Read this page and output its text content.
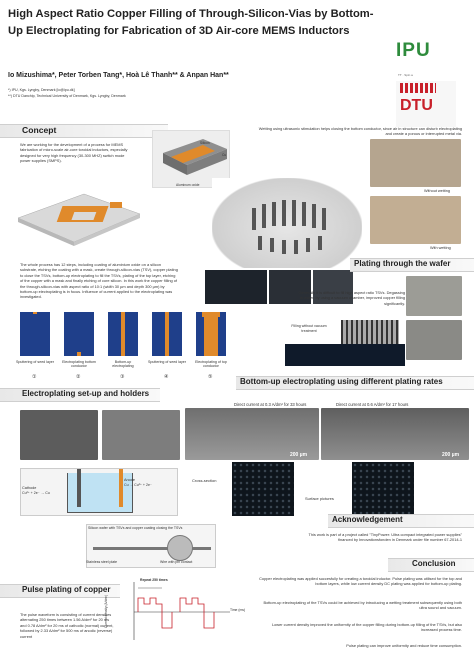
High Aspect Ratio Copper Filling of Through-Silicon-Vias by Bottom-Up Electroplating for Fabrication of 3D Air-core MEMS Inductors
Io Mizushima*, Peter Torben Tang*, Hoà Lê Thanh** & Anpan Han**
*) IPU, Kgs. Lyngby, Denmark [io@ipu.dk]
**) DTU Danchip, Technical University of Denmark, Kgs. Lyngby, Denmark
IPU
TT · Spin a
DTU
Concept
We are working for the development of a process for MEMS fabrication of micro-scale air-core toroidal inductors, especially designed for very high frequency (30-300 MHZ) switch mode power supplies (SMPS).
Silicon
Cu
Aluminum oxide
The whole process has 12 steps, including coating of aluminium oxide on a silicon substrate, etching the coating with a mask, create through-silicon-vias (TSV), copper plating to close the TSVs, bottom-up electroplating to fill the TSVs, plating of the top layer, etching of the copper with a mask and finally etching of core silicon. In this work the copper filling of the through-silicon-vias with aspect ratio of 10:1 (width 30 µm and depth 300 µm) by bottom-up electroplating is in focus. Influence of current applied to the electroplating was investigated.
Sputtering of seed layer	Electroplating bottom conductor
Bottom-up electroplating
Sputtering of seed layer	Electroplating of top conductor
①	②	③	④	⑤
Wetting using ultrasonic stimulation helps closing the bottom conductor, since air in structure can disturb electroplating and create a porous or interrupted metal via.
Without wetting
With wetting
Plating through the wafer
Generally it is difficult to fill high aspect ratio TSVs. Degassing in water, by using a vacuum chamber, improved copper filling significantly.
Filling without vacuum treatment
Bottom-up electroplating using different plating rates
Direct current at 0.3 A/dm² for 33 hours	Direct current at 0.6 A/dm² for 17 hours
200 µm	200 µm
Cross-section
Surface pictures
Electroplating set-up and holders
Cathode
Cu²⁺ + 2e⁻ → Cu
Anode
Cu → Cu²⁺ + 2e⁻
Silicon wafer with TSVs and copper coating closing the TSVs
Stainless steel plate	Wire with pin contact
Acknowledgement
This work is part of a project called "TinyPower: Ultra compact integrated power supplies" financed by Innovationsfonden in Denmark under file number 67-2014-1
Conclusion
Copper electroplating was applied succesfully for creating a toroidal inductor. Pulse plating was utilised for the top and bottom layers, while low current density DC plating was applied for bottom-up plating.
Bottom-up electroplating of the TSVs could be achieved by introducing a wetting treatment subsequently using both ultra sound and vacuum.
Lower current density improved the uniformity of the copper filling during bottom-up filling of the TSVs, but also increased process time.
Pulse plating can improve uniformity and reduce time consumption.
Pulse plating of copper
The pulse waveform is consisting of current densities alternating 250 times between 1.56 A/dm² for 20 ms and 0.78 A/dm² for 20 ms of cathodic (normal) current, followed by 2.33 A/dm² for 500 ms of anodic (reverse) current
Repeat 250 times
Time (ms)
Current density (A/dm²)
